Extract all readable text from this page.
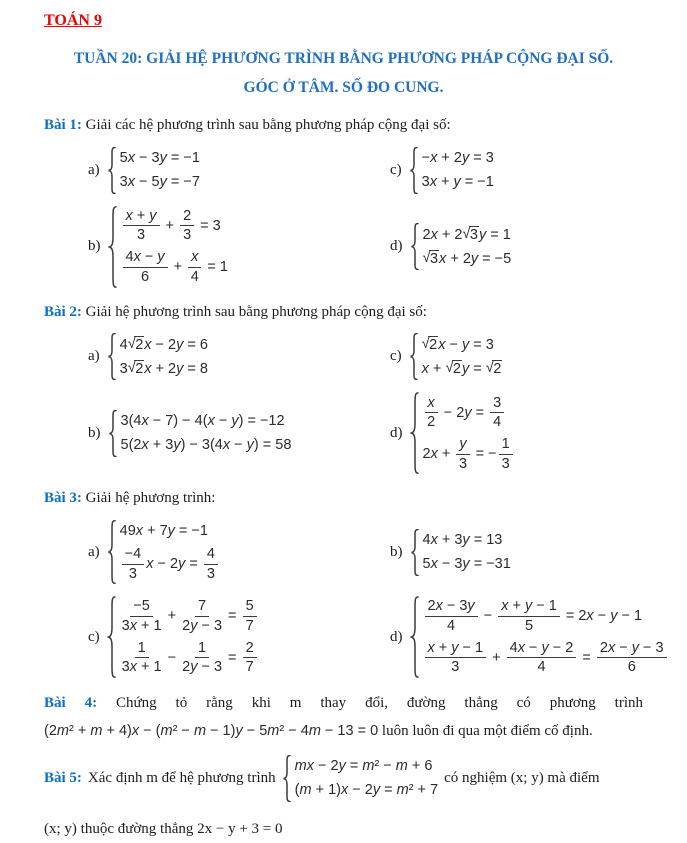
TOÁN 9
TUẦN 20: GIẢI HỆ PHƯƠNG TRÌNH BẰNG PHƯƠNG PHÁP CỘNG ĐẠI SỐ.
GÓC Ở TÂM. SỐ ĐO CUNG.
Bài 1: Giải các hệ phương trình sau bằng phương pháp cộng đại số:
a)
5 x − 3 y = −1
3 x − 5 y = −7
c)
− x + 2 y = 3
3 x + y = −1
b)
$\frac{x + y}{3} + \frac{2}{3} = 3$
$\frac{4x - y}{6} + \frac{x}{4} = 1$
d)
2 x + 2 √ 3 y = 1
√ 3 x + 2 y = −5
Bài 2: Giải hệ phương trình sau bằng phương pháp cộng đại số:
a)
4 √ 2 x − 2 y = 6
3 √ 2 x + 2 y = 8
c)
√ 2 x − y = 3
x + √ 2 y = √ 2
b)
3(4 x − 7) − 4( x − y ) = −12
5(2 x + 3 y ) − 3(4 x − y ) = 58
d)
$\frac{x}{2} - 2$ $y = \frac{3}{4}$
2 $x + \frac{y}{3}$ = − $\frac{1}{3}$
Bài 3: Giải hệ phương trình:
a)
49 x + 7 y = −1
$\frac{-4}{3}$ x − 2 $y = \frac{4}{3}$	b)
4 x + 3 y = 13
5 x − 3 y = −31
c)
$\frac{-5}{3x + 1} + \frac{7}{2y - 3} = \frac{5}{7}$
$\frac{1}{3x + 1} - \frac{1}{2y - 3} = \frac{2}{7}$
d)
$\frac{2x - 3y}{4} - \frac{x + y - 1}{5} = 2$ x − y − 1
$\frac{x + y - 1}{3} + \frac{4x - y - 2}{4} = \frac{2x - y - 3}{6}$
Bài 4: Chứng tỏ rằng khi m thay đổi, đường thẳng có phương trình
(2 m ² + m + 4) x − ( m ² − m − 1) y − 5 m ² − 4 m − 13 = 0 luôn luôn đi qua một điểm cố định.
Bài 5: Xác định m để hệ phương trình
mx − 2 y = m ² − m + 6
( m + 1) x − 2 y = m ² + 7
có nghiệm (x; y) mà điểm
(x; y) thuộc đường thẳng 2x − y + 3 = 0
